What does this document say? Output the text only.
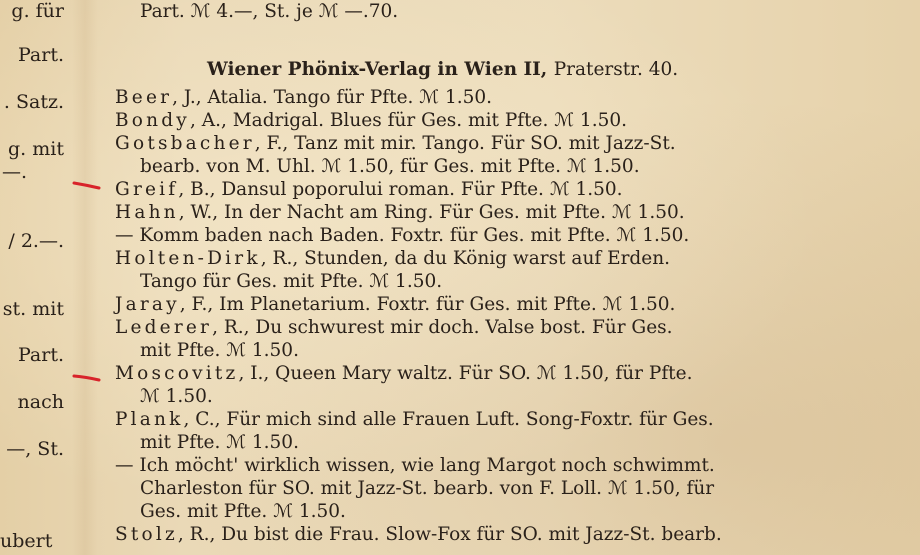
g. für
Part.
. Satz.
g. mit
—.
/ 2.—.
st. mit
Part.
nach
—, St.
ubert
Part. ℳ 4.—, St. je ℳ —.70.
Wiener Phönix-Verlag in Wien II, Praterstr. 40.
Beer, J., Atalia. Tango für Pfte. ℳ 1.50.
Bondy, A., Madrigal. Blues für Ges. mit Pfte. ℳ 1.50.
Gotsbacher, F., Tanz mit mir. Tango. Für SO. mit Jazz-St.
bearb. von M. Uhl. ℳ 1.50, für Ges. mit Pfte. ℳ 1.50.
Greif, B., Dansul poporului roman. Für Pfte. ℳ 1.50.
Hahn, W., In der Nacht am Ring. Für Ges. mit Pfte. ℳ 1.50.
— Komm baden nach Baden. Foxtr. für Ges. mit Pfte. ℳ 1.50.
Holten-Dirk, R., Stunden, da du König warst auf Erden.
Tango für Ges. mit Pfte. ℳ 1.50.
Jaray, F., Im Planetarium. Foxtr. für Ges. mit Pfte. ℳ 1.50.
Lederer, R., Du schwurest mir doch. Valse bost. Für Ges.
mit Pfte. ℳ 1.50.
Moscovitz, I., Queen Mary waltz. Für SO. ℳ 1.50, für Pfte.
ℳ 1.50.
Plank, C., Für mich sind alle Frauen Luft. Song-Foxtr. für Ges.
mit Pfte. ℳ 1.50.
— Ich möcht' wirklich wissen, wie lang Margot noch schwimmt.
Charleston für SO. mit Jazz-St. bearb. von F. Loll. ℳ 1.50, für
Ges. mit Pfte. ℳ 1.50.
Stolz, R., Du bist die Frau. Slow-Fox für SO. mit Jazz-St. bearb.
